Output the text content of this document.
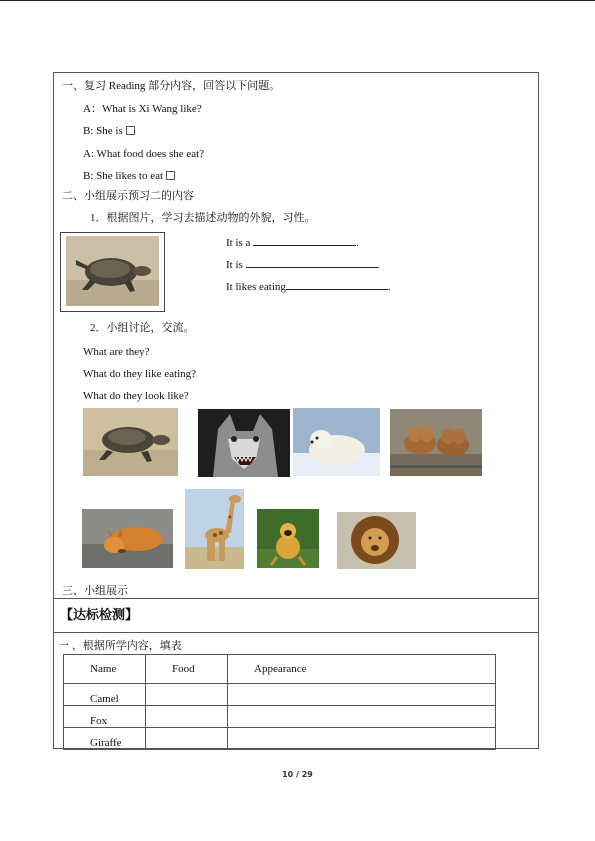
一、复习 Reading 部分内容，回答以下问题。
A：What is Xi Wang like?
B: She is
A: What food does she eat?
B: She likes to eat
二、小组展示预习二的内容
1．根据图片，学习去描述动物的外貌，习性。
It is a	.
It is
It likes eating	.
2．小组讨论，交流。
What are they?
What do they like eating?
What do they look like?
三、小组展示
【达标检测】
一 、根据所学内容，填表
Name	Food	Appearance
Camel		
Fox		
Giraffe		
10 / 29
